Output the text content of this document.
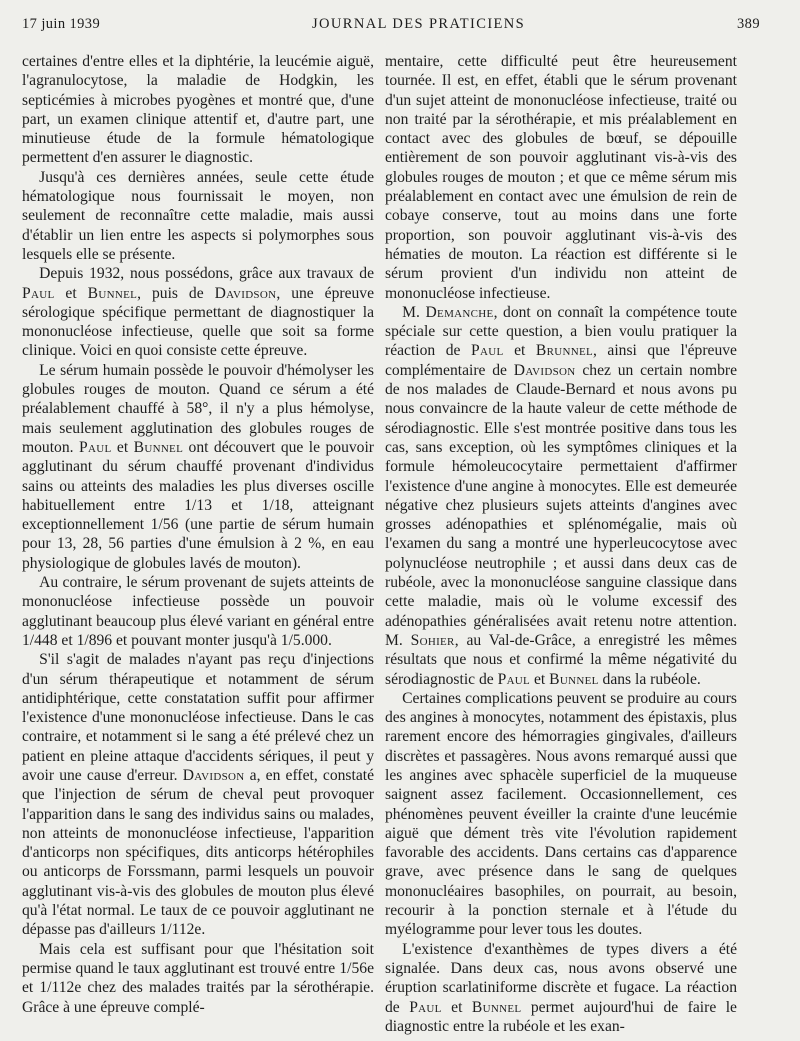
17 juin 1939	JOURNAL DES PRATICIENS	389

certaines d'entre elles et la diphtérie, la leucémie aiguë, l'agranulocytose, la maladie de Hodgkin, les septicémies à microbes pyogènes et montré que, d'une part, un examen clinique attentif et, d'autre part, une minutieuse étude de la formule hématologique permettent d'en assurer le diagnostic.

Jusqu'à ces dernières années, seule cette étude hématologique nous fournissait le moyen, non seulement de reconnaître cette maladie, mais aussi d'établir un lien entre les aspects si polymorphes sous lesquels elle se présente.

Depuis 1932, nous possédons, grâce aux travaux de Paul et Bunnel, puis de Davidson, une épreuve sérologique spécifique permettant de diagnostiquer la mononucléose infectieuse, quelle que soit sa forme clinique. Voici en quoi consiste cette épreuve.

Le sérum humain possède le pouvoir d'hémolyser les globules rouges de mouton. Quand ce sérum a été préalablement chauffé à 58°, il n'y a plus hémolyse, mais seulement agglutination des globules rouges de mouton. Paul et Bunnel ont découvert que le pouvoir agglutinant du sérum chauffé provenant d'individus sains ou atteints des maladies les plus diverses oscille habituellement entre 1/13 et 1/18, atteignant exceptionnellement 1/56 (une partie de sérum humain pour 13, 28, 56 parties d'une émulsion à 2 %, en eau physiologique de globules lavés de mouton).

Au contraire, le sérum provenant de sujets atteints de mononucléose infectieuse possède un pouvoir agglutinant beaucoup plus élevé variant en général entre 1/448 et 1/896 et pouvant monter jusqu'à 1/5.000.

S'il s'agit de malades n'ayant pas reçu d'injections d'un sérum thérapeutique et notamment de sérum antidiphtérique, cette constatation suffit pour affirmer l'existence d'une mononucléose infectieuse. Dans le cas contraire, et notamment si le sang a été prélevé chez un patient en pleine attaque d'accidents sériques, il peut y avoir une cause d'erreur. Davidson a, en effet, constaté que l'injection de sérum de cheval peut provoquer l'apparition dans le sang des individus sains ou malades, non atteints de mononucléose infectieuse, l'apparition d'anticorps non spécifiques, dits anticorps hétérophiles ou anticorps de Forssmann, parmi lesquels un pouvoir agglutinant vis-à-vis des globules de mouton plus élevé qu'à l'état normal. Le taux de ce pouvoir agglutinant ne dépasse pas d'ailleurs 1/112e.

Mais cela est suffisant pour que l'hésitation soit permise quand le taux agglutinant est trouvé entre 1/56e et 1/112e chez des malades traités par la sérothérapie. Grâce à une épreuve complé-

mentaire, cette difficulté peut être heureusement tournée. Il est, en effet, établi que le sérum provenant d'un sujet atteint de mononucléose infectieuse, traité ou non traité par la sérothérapie, et mis préalablement en contact avec des globules de bœuf, se dépouille entièrement de son pouvoir agglutinant vis-à-vis des globules rouges de mouton ; et que ce même sérum mis préalablement en contact avec une émulsion de rein de cobaye conserve, tout au moins dans une forte proportion, son pouvoir agglutinant vis-à-vis des hématies de mouton. La réaction est différente si le sérum provient d'un individu non atteint de mononucléose infectieuse.

M. Demanche, dont on connaît la compétence toute spéciale sur cette question, a bien voulu pratiquer la réaction de Paul et Brunnel, ainsi que l'épreuve complémentaire de Davidson chez un certain nombre de nos malades de Claude-Bernard et nous avons pu nous convaincre de la haute valeur de cette méthode de sérodiagnostic. Elle s'est montrée positive dans tous les cas, sans exception, où les symptômes cliniques et la formule hémoleucocytaire permettaient d'affirmer l'existence d'une angine à monocytes. Elle est demeurée négative chez plusieurs sujets atteints d'angines avec grosses adénopathies et splénomégalie, mais où l'examen du sang a montré une hyperleucocytose avec polynucléose neutrophile ; et aussi dans deux cas de rubéole, avec la mononucléose sanguine classique dans cette maladie, mais où le volume excessif des adénopathies généralisées avait retenu notre attention. M. Sohier, au Val-de-Grâce, a enregistré les mêmes résultats que nous et confirmé la même négativité du sérodiagnostic de Paul et Bunnel dans la rubéole.

Certaines complications peuvent se produire au cours des angines à monocytes, notamment des épistaxis, plus rarement encore des hémorragies gingivales, d'ailleurs discrètes et passagères. Nous avons remarqué aussi que les angines avec sphacèle superficiel de la muqueuse saignent assez facilement. Occasionnellement, ces phénomènes peuvent éveiller la crainte d'une leucémie aiguë que dément très vite l'évolution rapidement favorable des accidents. Dans certains cas d'apparence grave, avec présence dans le sang de quelques mononucléaires basophiles, on pourrait, au besoin, recourir à la ponction sternale et à l'étude du myélogramme pour lever tous les doutes.

L'existence d'exanthèmes de types divers a été signalée. Dans deux cas, nous avons observé une éruption scarlatiniforme discrète et fugace. La réaction de Paul et Bunnel permet aujourd'hui de faire le diagnostic entre la rubéole et les exan-
